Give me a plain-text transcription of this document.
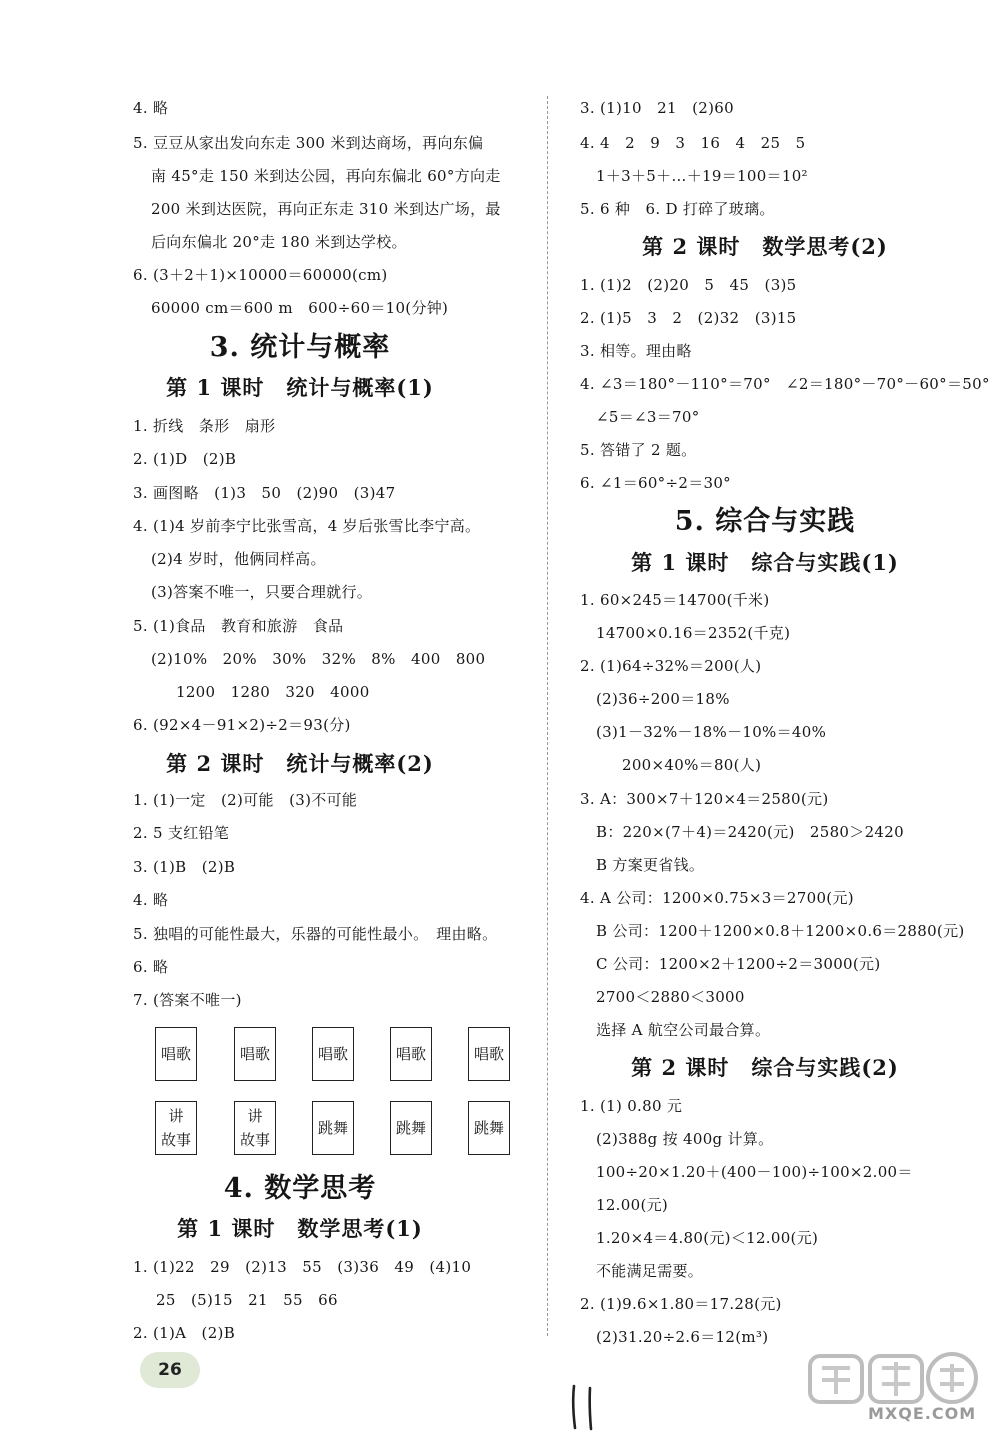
4. 略
5. 豆豆从家出发向东走 300 米到达商场，再向东偏
南 45°走 150 米到达公园，再向东偏北 60°方向走
200 米到达医院，再向正东走 310 米到达广场，最
后向东偏北 20°走 180 米到达学校。
6. (3＋2＋1)×10000＝60000(cm)
60000 cm＝600 m　600÷60＝10(分钟)
3. 统计与概率
第 1 课时　统计与概率(1)
1. 折线　条形　扇形
2. (1)D　(2)B
3. 画图略　(1)3　50　(2)90　(3)47
4. (1)4 岁前李宁比张雪高，4 岁后张雪比李宁高。
(2)4 岁时，他俩同样高。
(3)答案不唯一，只要合理就行。
5. (1)食品　教育和旅游　食品
(2)10%　20%　30%　32%　8%　400　800
1200　1280　320　4000
6. (92×4－91×2)÷2＝93(分)
第 2 课时　统计与概率(2)
1. (1)一定　(2)可能　(3)不可能
2. 5 支红铅笔
3. (1)B　(2)B
4. 略
5. 独唱的可能性最大，乐器的可能性最小。　理由略。
6. 略
7. (答案不唯一)
唱歌	唱歌	唱歌	唱歌	唱歌
讲
故事
讲
故事
跳舞	跳舞	跳舞
4. 数学思考
第 1 课时　数学思考(1)
1. (1)22　29　(2)13　55　(3)36　49　(4)10
25　(5)15　21　55　66
2. (1)A　(2)B
3. (1)10　21　(2)60
4. 4　2　9　3　16　4　25　5
1＋3＋5＋…＋19＝100＝10²
5. 6 种　6. D 打碎了玻璃。
第 2 课时　数学思考(2)
1. (1)2　(2)20　5　45　(3)5
2. (1)5　3　2　(2)32　(3)15
3. 相等。理由略
4. ∠3＝180°－110°＝70°　∠2＝180°－70°－60°＝50°
∠5＝∠3＝70°
5. 答错了 2 题。
6. ∠1＝60°÷2＝30°
5. 综合与实践
第 1 课时　综合与实践(1)
1. 60×245＝14700(千米)
14700×0.16＝2352(千克)
2. (1)64÷32%＝200(人)
(2)36÷200＝18%
(3)1－32%－18%－10%＝40%
200×40%＝80(人)
3. A：300×7＋120×4＝2580(元)
B：220×(7＋4)＝2420(元)　2580＞2420
B 方案更省钱。
4. A 公司：1200×0.75×3＝2700(元)
B 公司：1200＋1200×0.8＋1200×0.6＝2880(元)
C 公司：1200×2＋1200÷2＝3000(元)
2700＜2880＜3000
选择 A 航空公司最合算。
第 2 课时　综合与实践(2)
1. (1) 0.80 元
(2)388g 按 400g 计算。
100÷20×1.20＋(400－100)÷100×2.00＝
12.00(元)
1.20×4＝4.80(元)＜12.00(元)
不能满足需要。
2. (1)9.6×1.80＝17.28(元)
(2)31.20÷2.6＝12(m³)
26
MXQE.COM
